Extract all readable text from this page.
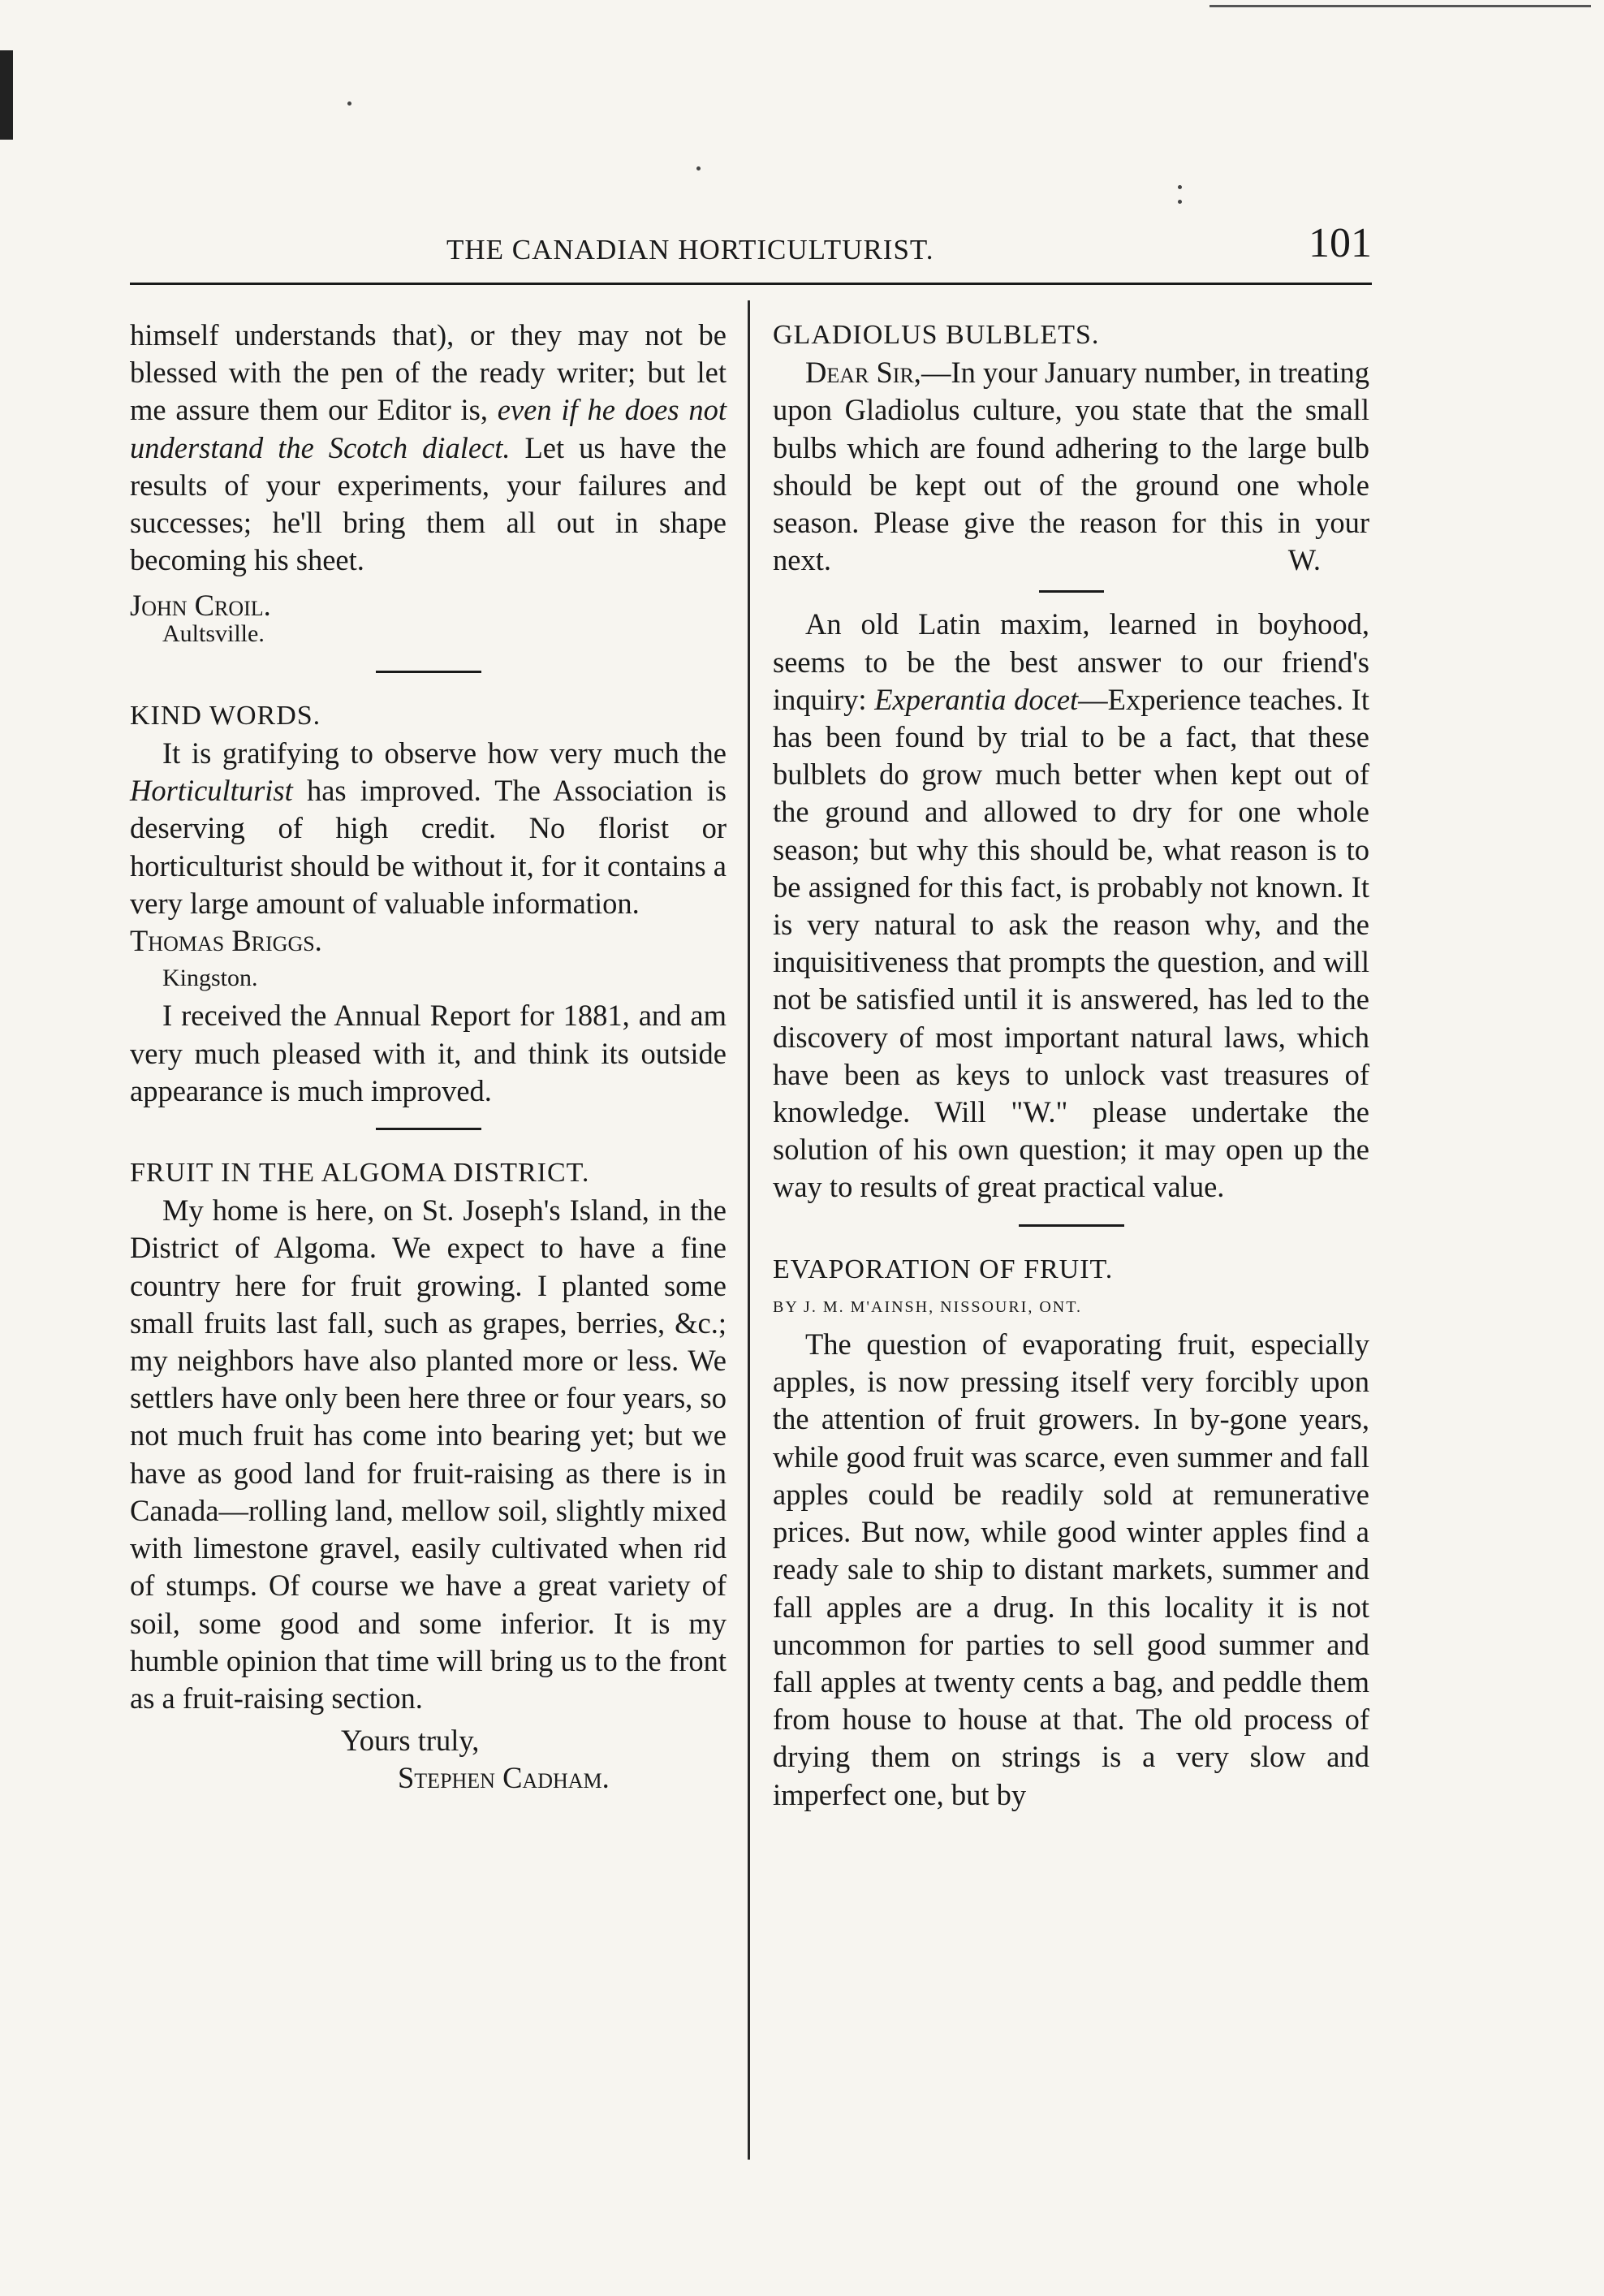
THE CANADIAN HORTICULTURIST.	101

himself understands that), or they may not be blessed with the pen of the ready writer; but let me assure them our Editor is, even if he does not understand the Scotch dialect. Let us have the results of your experiments, your failures and successes; he'll bring them all out in shape becoming his sheet.

John Croil.

Aultsville.

KIND WORDS.

It is gratifying to observe how very much the Horticulturist has improved. The Association is deserving of high credit. No florist or horticulturist should be without it, for it contains a very large amount of valuable information.

Thomas Briggs.

Kingston.

I received the Annual Report for 1881, and am very much pleased with it, and think its outside appearance is much improved.

FRUIT IN THE ALGOMA DISTRICT.

My home is here, on St. Joseph's Island, in the District of Algoma. We expect to have a fine country here for fruit growing. I planted some small fruits last fall, such as grapes, berries, &c.; my neighbors have also planted more or less. We settlers have only been here three or four years, so not much fruit has come into bearing yet; but we have as good land for fruit-raising as there is in Canada—rolling land, mellow soil, slightly mixed with limestone gravel, easily cultivated when rid of stumps. Of course we have a great variety of soil, some good and some inferior. It is my humble opinion that time will bring us to the front as a fruit-raising section.

Yours truly,

Stephen Cadham.

GLADIOLUS BULBLETS.

Dear Sir,—In your January number, in treating upon Gladiolus culture, you state that the small bulbs which are found adhering to the large bulb should be kept out of the ground one whole season. Please give the reason for this in your next.	W.

An old Latin maxim, learned in boyhood, seems to be the best answer to our friend's inquiry: Experantia docet—Experience teaches. It has been found by trial to be a fact, that these bulblets do grow much better when kept out of the ground and allowed to dry for one whole season; but why this should be, what reason is to be assigned for this fact, is probably not known. It is very natural to ask the reason why, and the inquisitiveness that prompts the question, and will not be satisfied until it is answered, has led to the discovery of most important natural laws, which have been as keys to unlock vast treasures of knowledge. Will "W." please undertake the solution of his own question; it may open up the way to results of great practical value.

EVAPORATION OF FRUIT.

BY J. M. M'AINSH, NISSOURI, ONT.

The question of evaporating fruit, especially apples, is now pressing itself very forcibly upon the attention of fruit growers. In by-gone years, while good fruit was scarce, even summer and fall apples could be readily sold at remunerative prices. But now, while good winter apples find a ready sale to ship to distant markets, summer and fall apples are a drug. In this locality it is not uncommon for parties to sell good summer and fall apples at twenty cents a bag, and peddle them from house to house at that. The old process of drying them on strings is a very slow and imperfect one, but by
